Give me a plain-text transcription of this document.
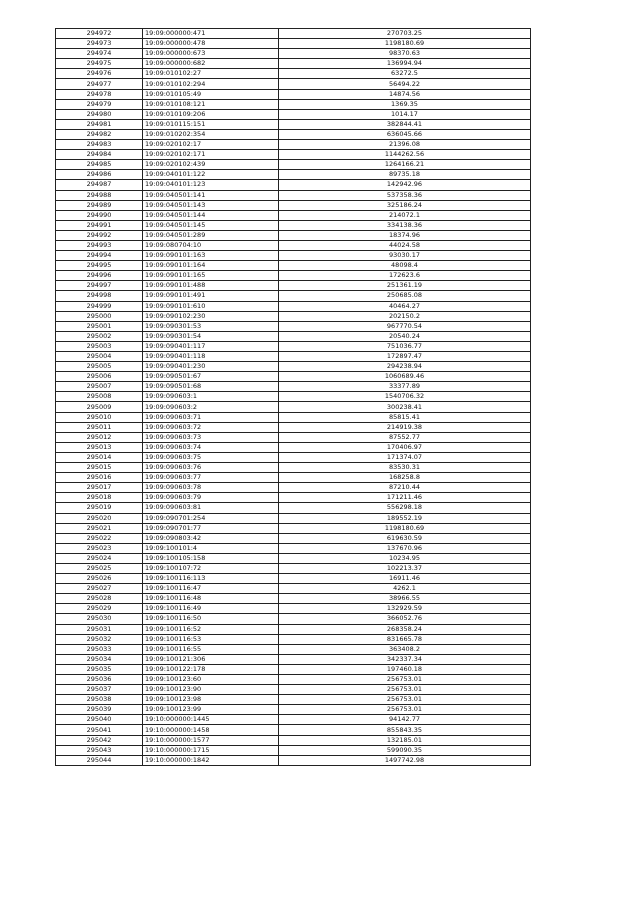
294972	19:09:000000:471	270703.25
294973	19:09:000000:478	1198180.69
294974	19:09:000000:673	98370.63
294975	19:09:000000:682	136994.94
294976	19:09:010102:27	63272.5
294977	19:09:010102:294	56494.22
294978	19:09:010105:49	14874.56
294979	19:09:010108:121	1369.35
294980	19:09:010109:206	1014.17
294981	19:09:010115:151	382844.41
294982	19:09:010202:354	636045.66
294983	19:09:020102:17	21396.08
294984	19:09:020102:171	1144262.56
294985	19:09:020102:439	1264166.21
294986	19:09:040101:122	89735.18
294987	19:09:040101:123	142942.96
294988	19:09:040501:141	537358.36
294989	19:09:040501:143	325186.24
294990	19:09:040501:144	214072.1
294991	19:09:040501:145	334138.36
294992	19:09:040501:289	18374.96
294993	19:09:080704:10	44024.58
294994	19:09:090101:163	93030.17
294995	19:09:090101:164	48098.4
294996	19:09:090101:165	172623.6
294997	19:09:090101:488	251361.19
294998	19:09:090101:491	250685.08
294999	19:09:090101:610	40464.27
295000	19:09:090102:230	202150.2
295001	19:09:090301:53	967770.54
295002	19:09:090301:54	20540.24
295003	19:09:090401:117	751036.77
295004	19:09:090401:118	172897.47
295005	19:09:090401:230	294238.94
295006	19:09:090501:67	1060689.46
295007	19:09:090501:68	33377.89
295008	19:09:090603:1	1540706.32
295009	19:09:090603:2	300238.41
295010	19:09:090603:71	85815.41
295011	19:09:090603:72	214919.38
295012	19:09:090603:73	87552.77
295013	19:09:090603:74	170406.97
295014	19:09:090603:75	171374.07
295015	19:09:090603:76	83530.31
295016	19:09:090603:77	168258.8
295017	19:09:090603:78	87210.44
295018	19:09:090603:79	171211.46
295019	19:09:090603:81	556298.18
295020	19:09:090701:254	189552.19
295021	19:09:090701:77	1198180.69
295022	19:09:090803:42	619630.59
295023	19:09:100101:4	137670.96
295024	19:09:100105:158	10234.95
295025	19:09:100107:72	102213.37
295026	19:09:100116:113	16911.46
295027	19:09:100116:47	4262.1
295028	19:09:100116:48	38966.55
295029	19:09:100116:49	132929.59
295030	19:09:100116:50	366052.76
295031	19:09:100116:52	268358.24
295032	19:09:100116:53	831665.78
295033	19:09:100116:55	363408.2
295034	19:09:100121:306	342337.34
295035	19:09:100122:178	197460.18
295036	19:09:100123:60	256753.01
295037	19:09:100123:90	256753.01
295038	19:09:100123:98	256753.01
295039	19:09:100123:99	256753.01
295040	19:10:000000:1445	94142.77
295041	19:10:000000:1458	855843.35
295042	19:10:000000:1577	132185.01
295043	19:10:000000:1715	599090.35
295044	19:10:000000:1842	1497742.98
